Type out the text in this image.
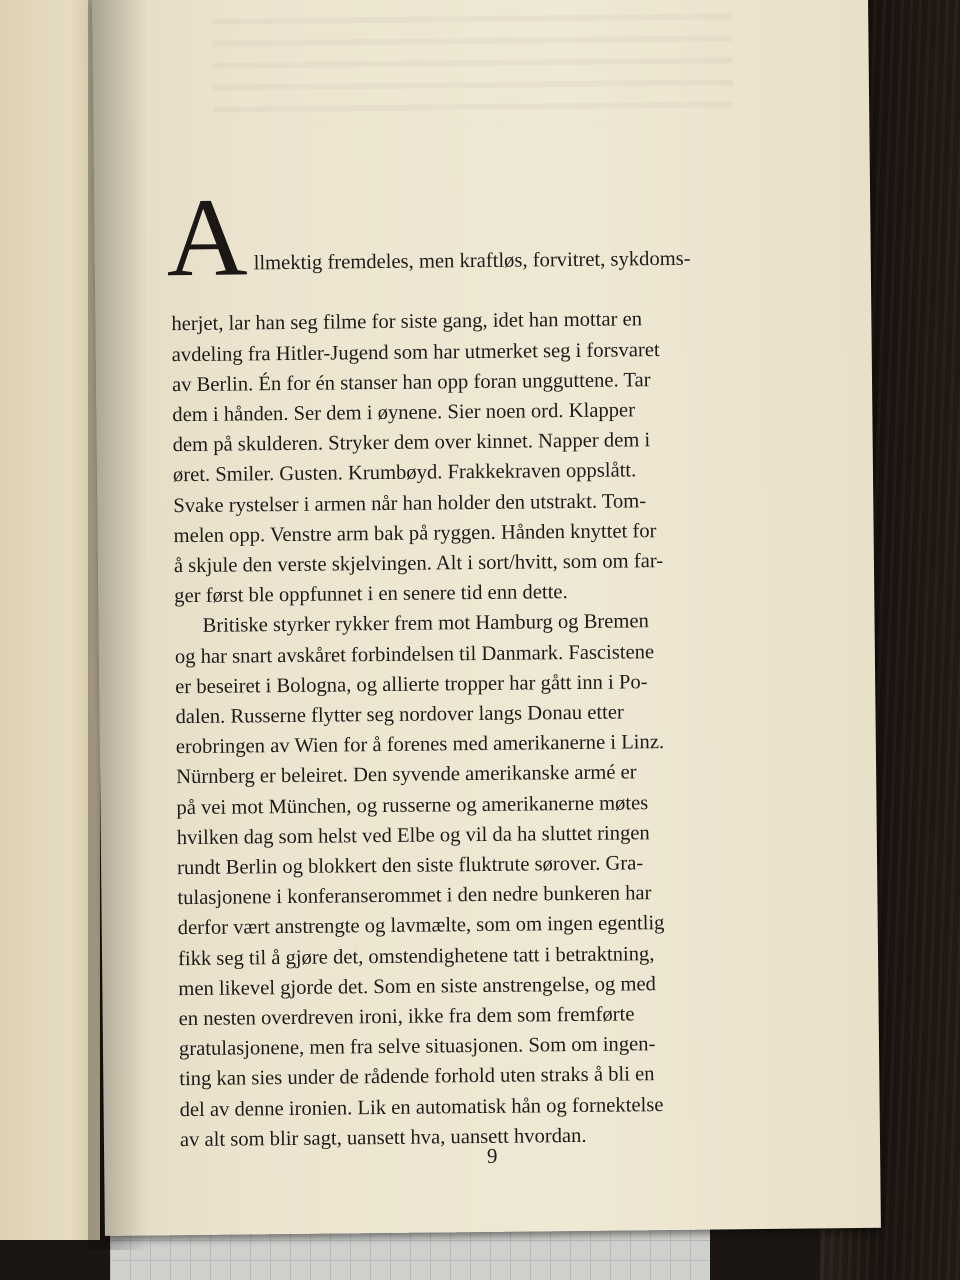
A llmektig fremdeles, men kraftløs, forvitret, sykdoms-

herjet, lar han seg filme for siste gang, idet han mottar en
avdeling fra Hitler-Jugend som har utmerket seg i forsvaret
av Berlin. Én for én stanser han opp foran ungguttene. Tar
dem i hånden. Ser dem i øynene. Sier noen ord. Klapper
dem på skulderen. Stryker dem over kinnet. Napper dem i
øret. Smiler. Gusten. Krumbøyd. Frakkekraven oppslått.
Svake rystelser i armen når han holder den utstrakt. Tom-
melen opp. Venstre arm bak på ryggen. Hånden knyttet for
å skjule den verste skjelvingen. Alt i sort/hvitt, som om far-
ger først ble oppfunnet i en senere tid enn dette.

Britiske styrker rykker frem mot Hamburg og Bremen
og har snart avskåret forbindelsen til Danmark. Fascistene
er beseiret i Bologna, og allierte tropper har gått inn i Po-
dalen. Russerne flytter seg nordover langs Donau etter
erobringen av Wien for å forenes med amerikanerne i Linz.
Nürnberg er beleiret. Den syvende amerikanske armé er
på vei mot München, og russerne og amerikanerne møtes
hvilken dag som helst ved Elbe og vil da ha sluttet ringen
rundt Berlin og blokkert den siste fluktrute sørover. Gra-
tulasjonene i konferanserommet i den nedre bunkeren har
derfor vært anstrengte og lavmælte, som om ingen egentlig
fikk seg til å gjøre det, omstendighetene tatt i betraktning,
men likevel gjorde det. Som en siste anstrengelse, og med
en nesten overdreven ironi, ikke fra dem som fremførte
gratulasjonene, men fra selve situasjonen. Som om ingen-
ting kan sies under de rådende forhold uten straks å bli en
del av denne ironien. Lik en automatisk hån og fornektelse
av alt som blir sagt, uansett hva, uansett hvordan.

9
